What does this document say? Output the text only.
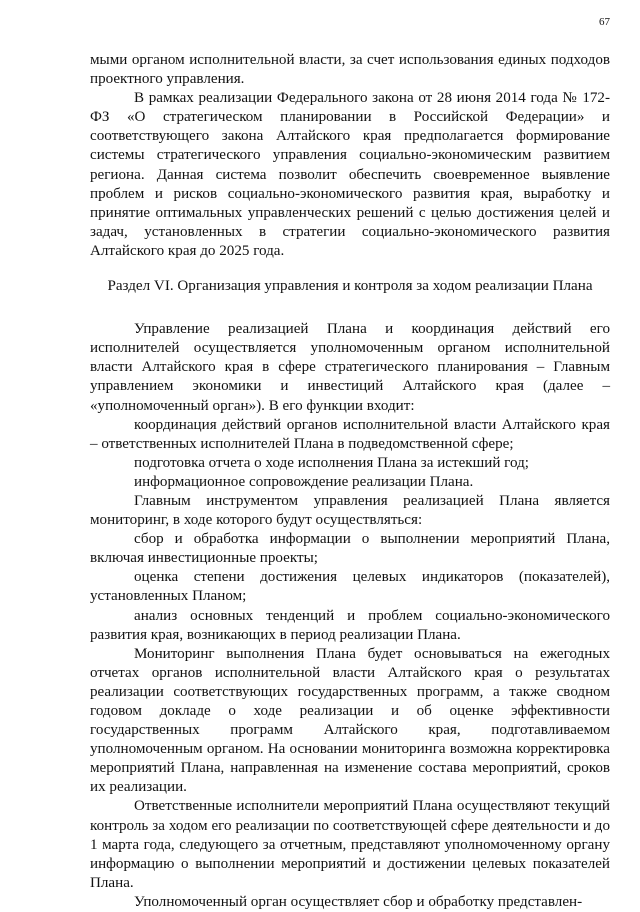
67

мыми органом исполнительной власти, за счет использования единых подходов проектного управления.

В рамках реализации Федерального закона от 28 июня 2014 года № 172-ФЗ «О стратегическом планировании в Российской Федерации» и соответствующего закона Алтайского края предполагается формирование системы стратегического управления социально-экономическим развитием региона. Данная система позволит обеспечить своевременное выявление проблем и рисков социально-экономического развития края, выработку и принятие оптимальных управленческих решений с целью достижения целей и задач, установленных в стратегии социально-экономического развития Алтайского края до 2025 года.

Раздел VI. Организация управления и контроля за ходом реализации Плана

Управление реализацией Плана и координация действий его исполнителей осуществляется уполномоченным органом исполнительной власти Алтайского края в сфере стратегического планирования – Главным управлением экономики и инвестиций Алтайского края (далее – «уполномоченный орган»). В его функции входит:

координация действий органов исполнительной власти Алтайского края – ответственных исполнителей Плана в подведомственной сфере;

подготовка отчета о ходе исполнения Плана за истекший год;

информационное сопровождение реализации Плана.

Главным инструментом управления реализацией Плана является мониторинг, в ходе которого будут осуществляться:

сбор и обработка информации о выполнении мероприятий Плана, включая инвестиционные проекты;

оценка степени достижения целевых индикаторов (показателей), установленных Планом;

анализ основных тенденций и проблем социально-экономического развития края, возникающих в период реализации Плана.

Мониторинг выполнения Плана будет основываться на ежегодных отчетах органов исполнительной власти Алтайского края о результатах реализации соответствующих государственных программ, а также сводном годовом докладе о ходе реализации и об оценке эффективности государственных программ Алтайского края, подготавливаемом уполномоченным органом. На основании мониторинга возможна корректировка мероприятий Плана, направленная на изменение состава мероприятий, сроков их реализации.

Ответственные исполнители мероприятий Плана осуществляют текущий контроль за ходом его реализации по соответствующей сфере деятельности и до 1 марта года, следующего за отчетным, представляют уполномоченному органу информацию о выполнении мероприятий и достижении целевых показателей Плана.

Уполномоченный орган осуществляет сбор и обработку представлен-
